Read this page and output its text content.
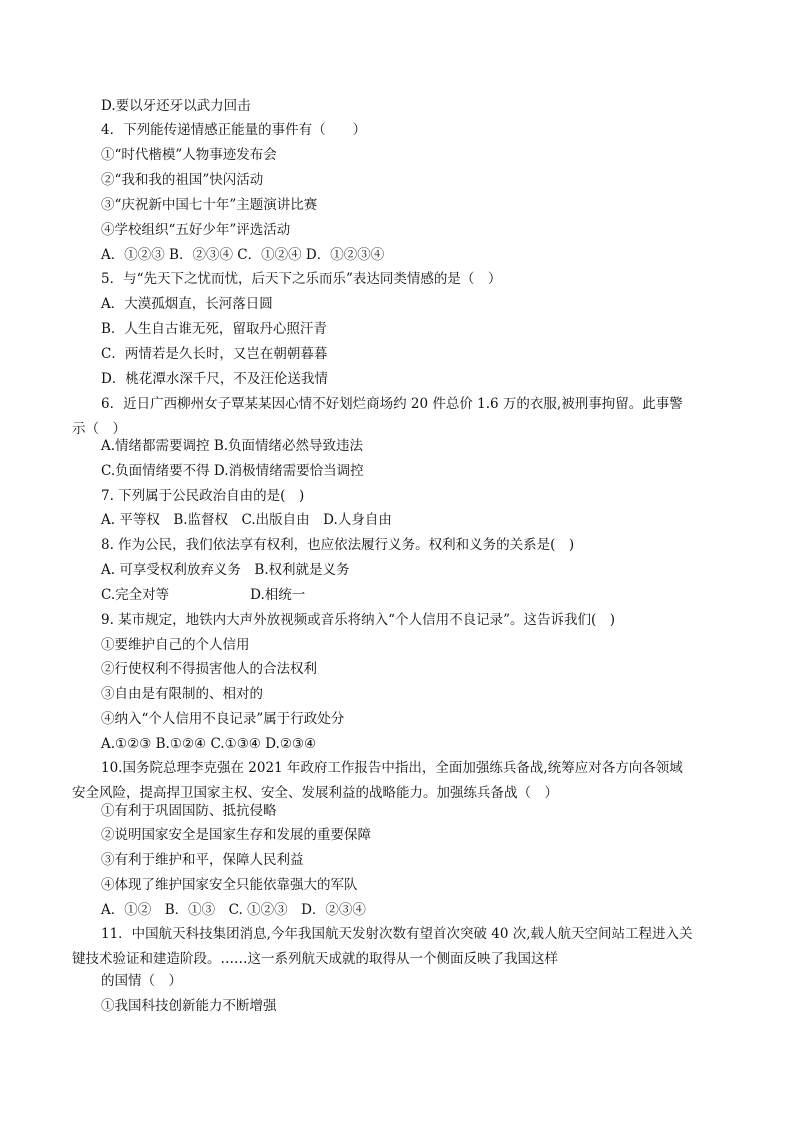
D.要以牙还牙以武力回击
4．下列能传递情感正能量的事件有（　　）
①“时代楷模”人物事迹发布会
②“我和我的祖国”快闪活动
③“庆祝新中国七十年”主题演讲比赛
④学校组织“五好少年”评选活动
A．①②③ B．②③④ C．①②④ D．①②③④
5．与“先天下之忧而忧，后天下之乐而乐”表达同类情感的是（　）
A．大漠孤烟直，长河落日圆
B．人生自古谁无死，留取丹心照汗青
C．两情若是久长时，又岂在朝朝暮暮
D．桃花潭水深千尺，不及汪伦送我情
6．近日广西柳州女子覃某某因心情不好划烂商场约 20 件总价 1.6 万的衣服,被刑事拘留。此事警示（　）
A.情绪都需要调控 B.负面情绪必然导致违法
C.负面情绪要不得 D.消极情绪需要恰当调控
7. 下列属于公民政治自由的是(　)
A. 平等权　B.监督权　C.出版自由　D.人身自由
8. 作为公民，我们依法享有权利，也应依法履行义务。权利和义务的关系是(　)
A. 可享受权利放弃义务　B.权利就是义务
C.完全对等　　　　　　D.相统一
9. 某市规定，地铁内大声外放视频或音乐将纳入“个人信用不良记录”。这告诉我们(　)
①要维护自己的个人信用
②行使权利不得损害他人的合法权利
③自由是有限制的、相对的
④纳入“个人信用不良记录”属于行政处分
A.①②③ B.①②④ C.①③④ D.②③④
10.国务院总理李克强在 2021 年政府工作报告中指出，全面加强练兵备战,统筹应对各方向各领域安全风险，提高捍卫国家主权、安全、发展利益的战略能力。加强练兵备战（　）
①有利于巩固国防、抵抗侵略
②说明国家安全是国家生存和发展的重要保障
③有利于维护和平，保障人民利益
④体现了维护国家安全只能依靠强大的军队
A．①②　B．①③　C. ①②③　D．②③④
11．中国航天科技集团消息,今年我国航天发射次数有望首次突破 40 次,载人航天空间站工程进入关键技术验证和建造阶段。……这一系列航天成就的取得从一个侧面反映了我国这样
的国情（　）
①我国科技创新能力不断增强
